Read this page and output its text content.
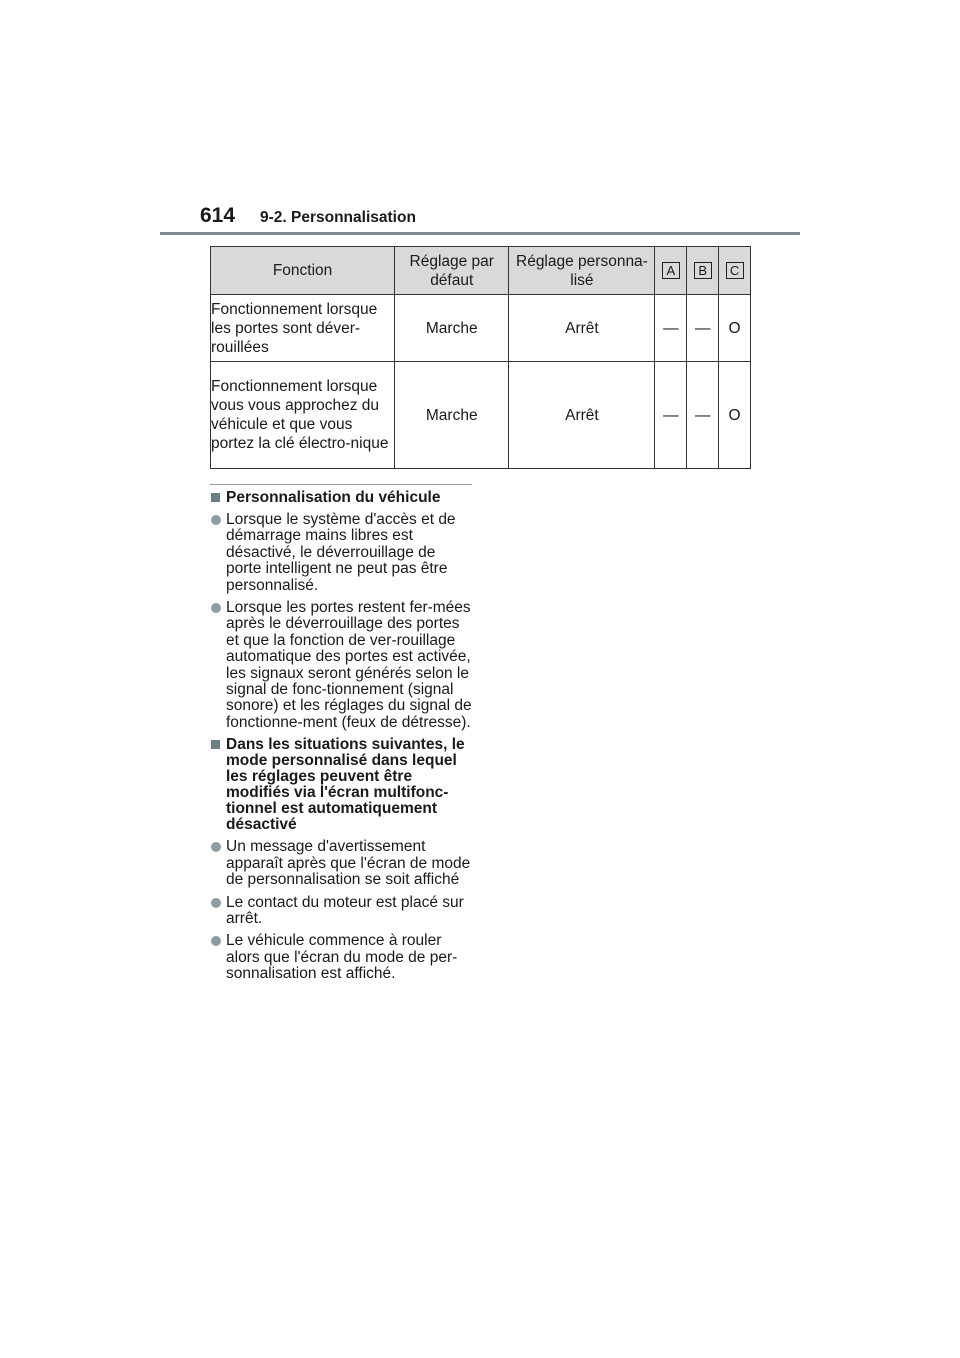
614 9-2. Personnalisation
Fonction	Réglage par défaut	Réglage personna-lisé	A	B	C
Fonctionnement lorsque les portes sont déver-rouillées	Marche	Arrêt	—	—	O
Fonctionnement lorsque vous vous approchez du véhicule et que vous portez la clé électro-nique	Marche	Arrêt	—	—	O
Personnalisation du véhicule
Lorsque le système d'accès et de démarrage mains libres est désactivé, le déverrouillage de porte intelligent ne peut pas être personnalisé.
Lorsque les portes restent fer-mées après le déverrouillage des portes et que la fonction de ver-rouillage automatique des portes est activée, les signaux seront générés selon le signal de fonc-tionnement (signal sonore) et les réglages du signal de fonctionne-ment (feux de détresse).
Dans les situations suivantes, le mode personnalisé dans lequel les réglages peuvent être modifiés via l'écran multifonc-tionnel est automatiquement désactivé
Un message d'avertissement apparaît après que l'écran de mode de personnalisation se soit affiché
Le contact du moteur est placé sur arrêt.
Le véhicule commence à rouler alors que l'écran du mode de per-sonnalisation est affiché.
